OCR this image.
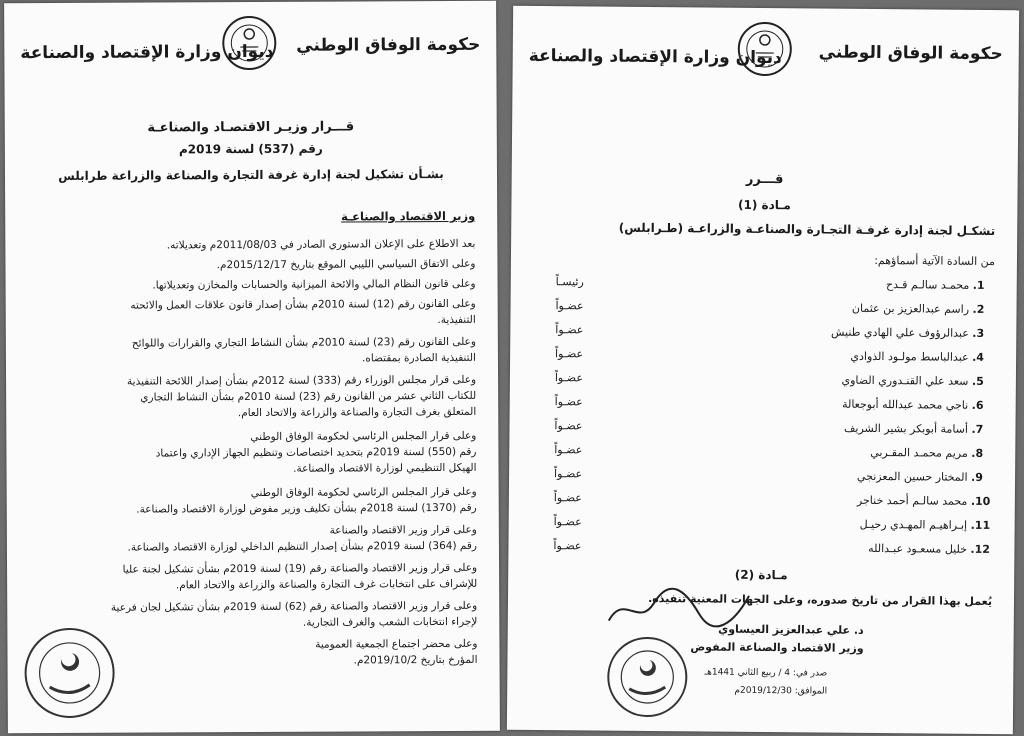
حكومة الوفاق الوطني
ديوان وزارة الإقتصاد والصناعة
قـــرار وزيـر الاقتصـاد والصناعـة
رقم (537) لسنة 2019م
بشـأن تشكيل لجنة إدارة غرفة التجارة والصناعة والزراعة طرابلس
وزير الاقتصاد والصناعـة
بعد الاطلاع على الإعلان الدستوري الصادر في 2011/08/03م وتعديلاته.
وعلى الاتفاق السياسي الليبي الموقع بتاريخ 2015/12/17م.
وعلى قانون النظام المالي والائحة الميزانية والحسابات والمخازن وتعديلاتها.
وعلى القانون رقم (12) لسنة 2010م بشأن إصدار قانون علاقات العمل والائحته
التنفيذية.
وعلى القانون رقم (23) لسنة 2010م بشأن النشاط التجاري والقرارات واللوائح
التنفيذية الصادرة بمقتضاه.
وعلى قرار مجلس الوزراء رقم (333) لسنة 2012م بشأن إصدار اللائحة التنفيذية
للكتاب الثاني عشر من القانون رقم (23) لسنة 2010م بشأن النشاط التجاري
المتعلق بغرف التجارة والصناعة والزراعة والاتحاد العام.
وعلى قرار المجلس الرئاسي لحكومة الوفاق الوطني
رقم (550) لسنة 2019م بتحديد اختصاصات وتنظيم الجهاز الإداري واعتماد
الهيكل التنظيمي لوزارة الاقتصاد والصناعة.
وعلى قرار المجلس الرئاسي لحكومة الوفاق الوطني
رقم (1370) لسنة 2018م بشأن تكليف وزير مفوض لوزارة الاقتصاد والصناعة.
وعلى قرار وزير الاقتصاد والصناعة
رقم (364) لسنة 2019م بشأن إصدار التنظيم الداخلي لوزارة الاقتصاد والصناعة.
وعلى قرار وزير الاقتصاد والصناعة رقم (19) لسنة 2019م بشأن تشكيل لجنة عليا
للإشراف على انتخابات غرف التجارة والصناعة والزراعة والاتحاد العام.
وعلى قرار وزير الاقتصاد والصناعة رقم (62) لسنة 2019م بشأن تشكيل لجان فرعية
لإجراء انتخابات الشعب والغرف التجارية.
وعلى محضر اجتماع الجمعية العمومية
المؤرخ بتاريخ 2019/10/2م.
حكومة الوفاق الوطني
ديوان وزارة الإقتصاد والصناعة
قـــرر
مـادة (1)
تشكـل لجنة إدارة غرفـة التجـارة والصناعـة والزراعـة (طـرابلس)
من السادة الآتية أسماؤهم:
1. محمـد سالـم قـدح
رئيسـاً
2. راسم عبدالعزيز بن عثمان
عضـواً
3. عبدالرؤوف علي الهادي طنيش
عضـواً
4. عبدالباسط مولـود الذوادي
عضـواً
5. سعد علي القنـدوري الضاوي
عضـواً
6. ناجي محمد عبدالله أبوجعالة
عضـواً
7. أسامة أبوبكر بشير الشريف
عضـواً
8. مريم محمـد المقـربي
عضـواً
9. المختار حسين المعزنجي
عضـواً
10. محمد سالـم أحمد خناجر
عضـواً
11. إبـراهيـم المهـدي رحيـل
عضـواً
12. خليل مسعـود عبـدالله
عضـواً
مـادة (2)
يُعمل بهذا القرار من تاريخ صدوره، وعلى الجهات المعنية تنفيذه.
د. علي عبدالعزيز العيساوي
وزير الاقتصاد والصناعة المفوض
صدر في: 4 / ربيع الثاني 1441هـ
الموافق: 2019/12/30م
